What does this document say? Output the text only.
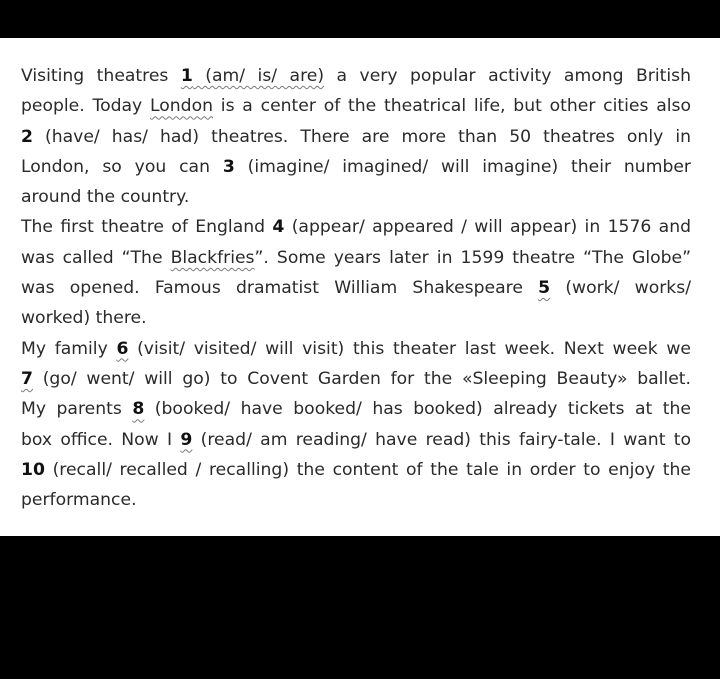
Visiting theatres 1 (am/ is/ are) a very popular activity among British
people. Today London is a center of the theatrical life, but other cities also
2 (have/ has/ had) theatres. There are more than 50 theatres only in
London, so you can 3 (imagine/ imagined/ will imagine) their number
around the country.
The first theatre of England 4 (appear/ appeared / will appear) in 1576 and
was called “The Blackfries”. Some years later in 1599 theatre “The Globe”
was opened. Famous dramatist William Shakespeare 5 (work/ works/
worked) there.
My family 6 (visit/ visited/ will visit) this theater last week. Next week we
7 (go/ went/ will go) to Covent Garden for the «Sleeping Beauty» ballet.
My parents 8 (booked/ have booked/ has booked) already tickets at the
box office. Now I 9 (read/ am reading/ have read) this fairy-tale. I want to
10 (recall/ recalled / recalling) the content of the tale in order to enjoy the
performance.
